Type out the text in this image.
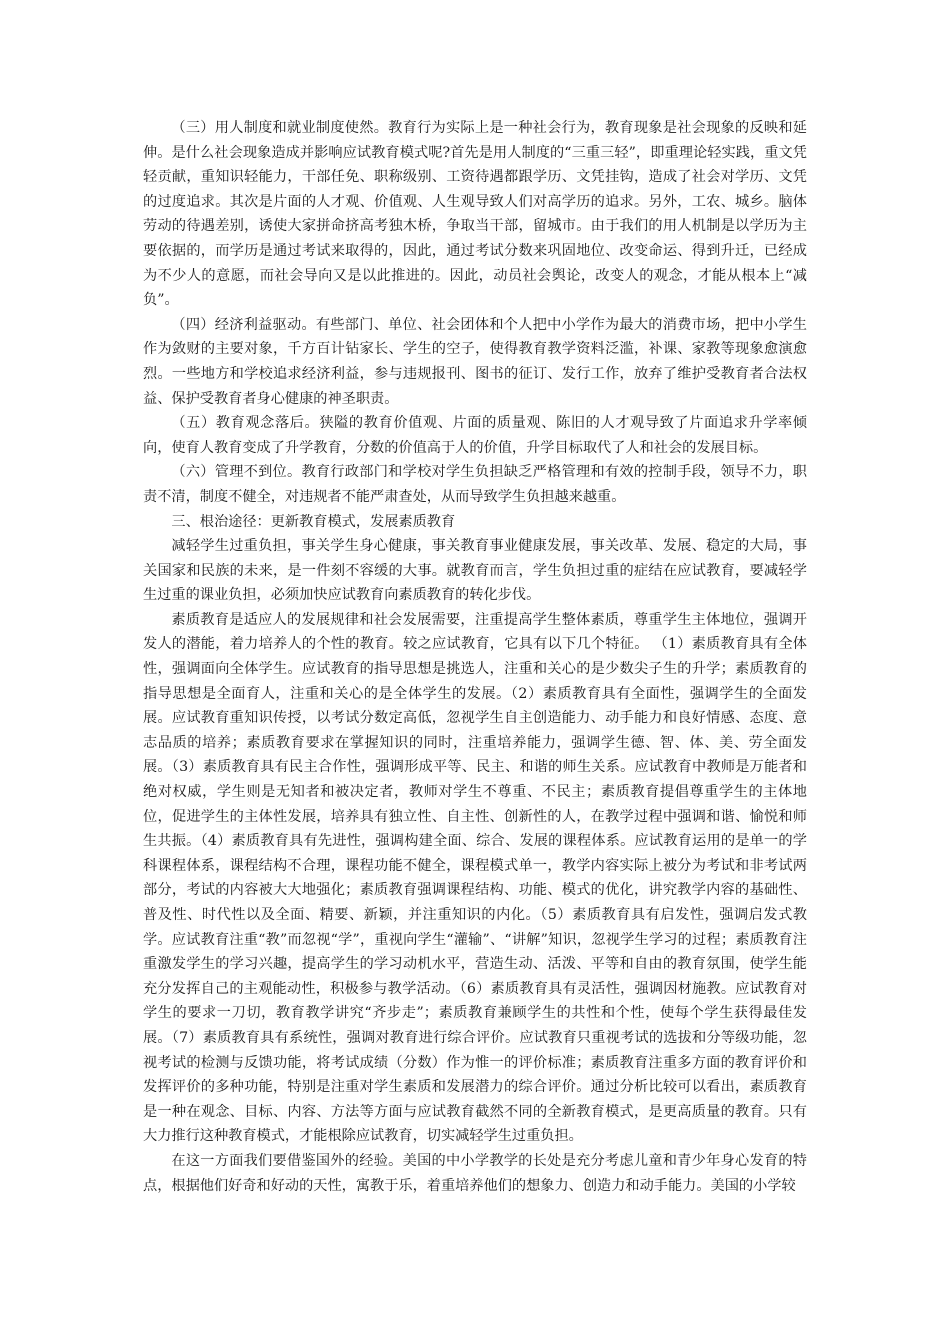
（三）用人制度和就业制度使然。教育行为实际上是一种社会行为，教育现象是社会现象的反映和延伸。是什么社会现象造成并影响应试教育模式呢?首先是用人制度的“三重三轻”，即重理论轻实践，重文凭轻贡献，重知识轻能力，干部任免、职称级别、工资待遇都跟学历、文凭挂钩，造成了社会对学历、文凭的过度追求。其次是片面的人才观、价值观、人生观导致人们对高学历的追求。另外，工农、城乡。脑体劳动的待遇差别，诱使大家拼命挤高考独木桥，争取当干部，留城市。由于我们的用人机制是以学历为主要依据的，而学历是通过考试来取得的，因此，通过考试分数来巩固地位、改变命运、得到升迁，已经成为不少人的意愿，而社会导向又是以此推进的。因此，动员社会舆论，改变人的观念，才能从根本上“减负”。

（四）经济利益驱动。有些部门、单位、社会团体和个人把中小学作为最大的消费市场，把中小学生作为敛财的主要对象，千方百计钻家长、学生的空子，使得教育教学资料泛滥，补课、家教等现象愈演愈烈。一些地方和学校追求经济利益，参与违规报刊、图书的征订、发行工作，放弃了维护受教育者合法权益、保护受教育者身心健康的神圣职责。

（五）教育观念落后。狭隘的教育价值观、片面的质量观、陈旧的人才观导致了片面追求升学率倾向，使育人教育变成了升学教育，分数的价值高于人的价值，升学目标取代了人和社会的发展目标。

（六）管理不到位。教育行政部门和学校对学生负担缺乏严格管理和有效的控制手段，领导不力，职责不清，制度不健全，对违规者不能严肃查处，从而导致学生负担越来越重。

三、根治途径：更新教育模式，发展素质教育

减轻学生过重负担，事关学生身心健康，事关教育事业健康发展，事关改革、发展、稳定的大局，事关国家和民族的未来，是一件刻不容缓的大事。就教育而言，学生负担过重的症结在应试教育，要减轻学生过重的课业负担，必须加快应试教育向素质教育的转化步伐。

素质教育是适应人的发展规律和社会发展需要，注重提高学生整体素质，尊重学生主体地位，强调开发人的潜能，着力培养人的个性的教育。较之应试教育，它具有以下几个特征。 （1）素质教育具有全体性，强调面向全体学生。应试教育的指导思想是挑选人，注重和关心的是少数尖子生的升学；素质教育的指导思想是全面育人，注重和关心的是全体学生的发展。（2）素质教育具有全面性，强调学生的全面发展。应试教育重知识传授，以考试分数定高低，忽视学生自主创造能力、动手能力和良好情感、态度、意志品质的培养；素质教育要求在掌握知识的同时，注重培养能力，强调学生德、智、体、美、劳全面发展。（3）素质教育具有民主合作性，强调形成平等、民主、和谐的师生关系。应试教育中教师是万能者和绝对权威，学生则是无知者和被决定者，教师对学生不尊重、不民主；素质教育提倡尊重学生的主体地位，促进学生的主体性发展，培养具有独立性、自主性、创新性的人，在教学过程中强调和谐、愉悦和师生共振。（4）素质教育具有先进性，强调构建全面、综合、发展的课程体系。应试教育运用的是单一的学科课程体系，课程结构不合理，课程功能不健全，课程模式单一，教学内容实际上被分为考试和非考试两部分，考试的内容被大大地强化；素质教育强调课程结构、功能、模式的优化，讲究教学内容的基础性、普及性、时代性以及全面、精要、新颖，并注重知识的内化。（5）素质教育具有启发性，强调启发式教学。应试教育注重“教”而忽视“学”，重视向学生“灌输”、“讲解”知识，忽视学生学习的过程；素质教育注重激发学生的学习兴趣，提高学生的学习动机水平，营造生动、活泼、平等和自由的教育氛围，使学生能充分发挥自己的主观能动性，积极参与教学活动。（6）素质教育具有灵活性，强调因材施教。应试教育对学生的要求一刀切，教育教学讲究“齐步走”；素质教育兼顾学生的共性和个性，使每个学生获得最佳发展。（7）素质教育具有系统性，强调对教育进行综合评价。应试教育只重视考试的选拔和分等级功能，忽视考试的检测与反馈功能，将考试成绩（分数）作为惟一的评价标准；素质教育注重多方面的教育评价和发挥评价的多种功能，特别是注重对学生素质和发展潜力的综合评价。通过分析比较可以看出，素质教育是一种在观念、目标、内容、方法等方面与应试教育截然不同的全新教育模式，是更高质量的教育。只有大力推行这种教育模式，才能根除应试教育，切实减轻学生过重负担。

在这一方面我们要借鉴国外的经验。美国的中小学教学的长处是充分考虑儿童和青少年身心发育的特点，根据他们好奇和好动的天性，寓教于乐，着重培养他们的想象力、创造力和动手能力。美国的小学较
